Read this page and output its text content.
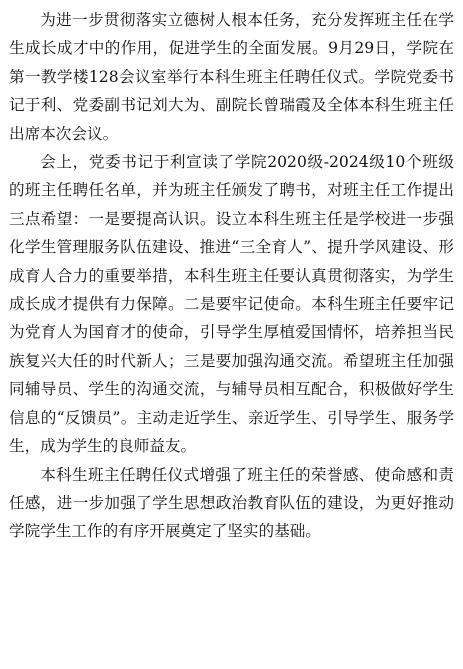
为进一步贯彻落实立德树人根本任务，充分发挥班主任在学生成长成才中的作用，促进学生的全面发展。9月29日，学院在第一教学楼128会议室举行本科生班主任聘任仪式。学院党委书记于利、党委副书记刘大为、副院长曾瑞霞及全体本科生班主任出席本次会议。

会上，党委书记于利宣读了学院2020级-2024级10个班级的班主任聘任名单，并为班主任颁发了聘书，对班主任工作提出三点希望：一是要提高认识。设立本科生班主任是学校进一步强化学生管理服务队伍建设、推进“三全育人”、提升学风建设、形成育人合力的重要举措，本科生班主任要认真贯彻落实，为学生成长成才提供有力保障。二是要牢记使命。本科生班主任要牢记为党育人为国育才的使命，引导学生厚植爱国情怀，培养担当民族复兴大任的时代新人；三是要加强沟通交流。希望班主任加强同辅导员、学生的沟通交流，与辅导员相互配合，积极做好学生信息的“反馈员”。主动走近学生、亲近学生、引导学生、服务学生，成为学生的良师益友。

本科生班主任聘任仪式增强了班主任的荣誉感、使命感和责任感，进一步加强了学生思想政治教育队伍的建设，为更好推动学院学生工作的有序开展奠定了坚实的基础。
